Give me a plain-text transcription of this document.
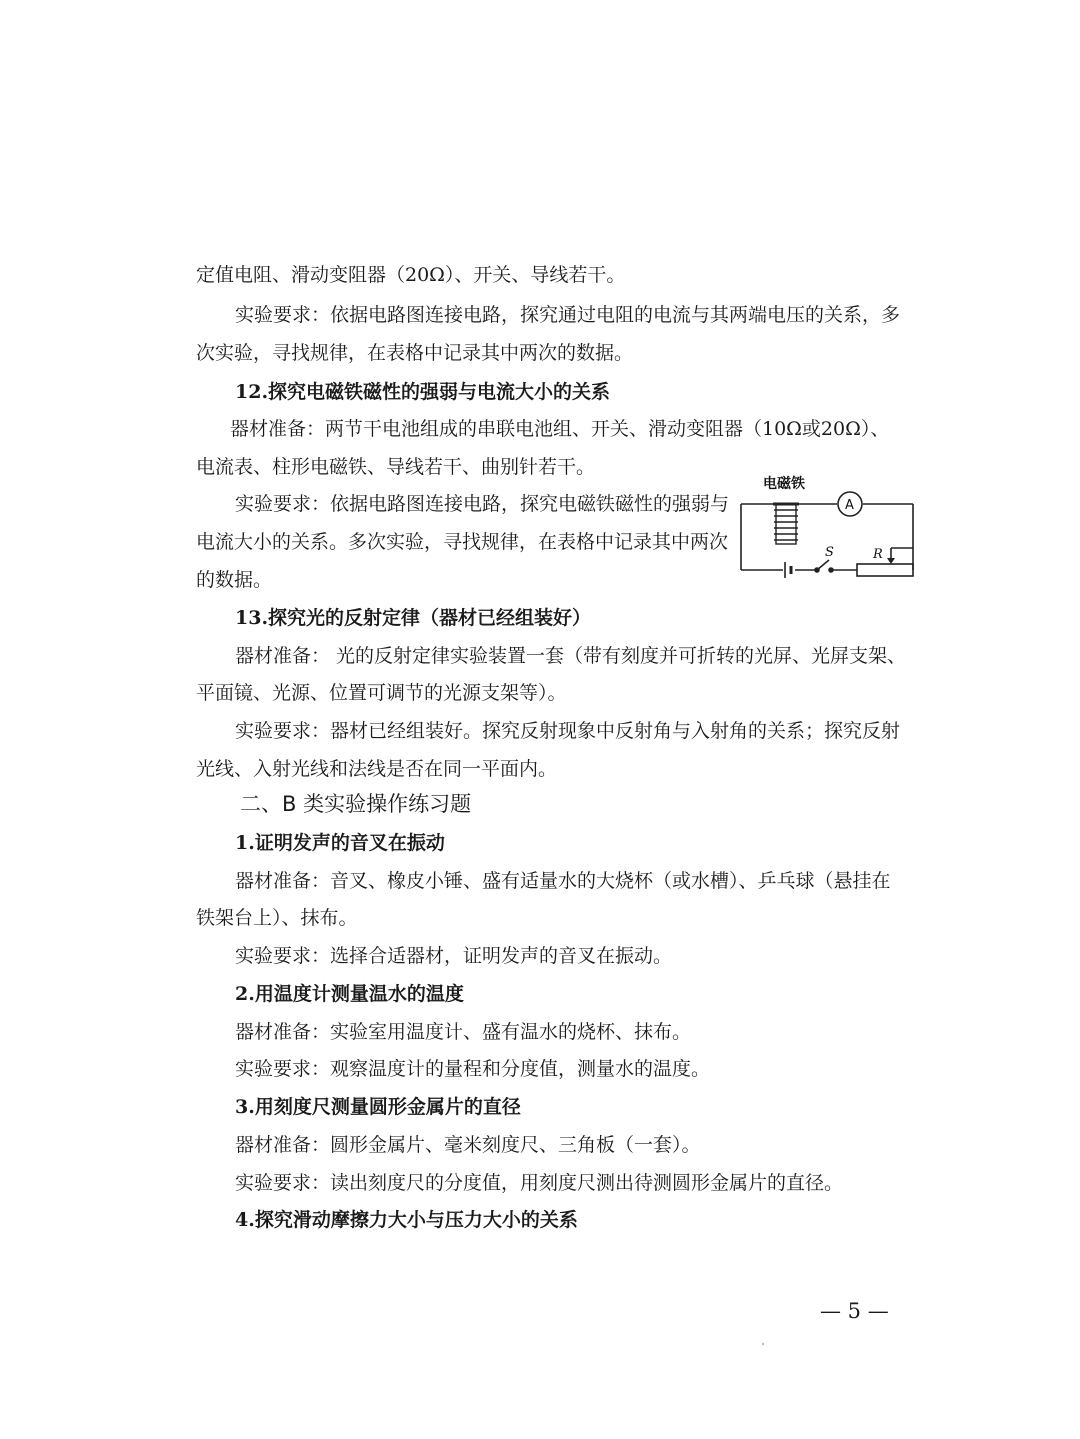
定值电阻、滑动变阻器（20Ω）、开关、导线若干。
实验要求：依据电路图连接电路，探究通过电阻的电流与其两端电压的关系，多
次实验，寻找规律，在表格中记录其中两次的数据。
12.探究电磁铁磁性的强弱与电流大小的关系
器材准备：两节干电池组成的串联电池组、开关、滑动变阻器（10Ω或20Ω）、
电流表、柱形电磁铁、导线若干、曲别针若干。
实验要求：依据电路图连接电路，探究电磁铁磁性的强弱与
电流大小的关系。多次实验，寻找规律，在表格中记录其中两次
的数据。
13.探究光的反射定律（器材已经组装好）
器材准备： 光的反射定律实验装置一套（带有刻度并可折转的光屏、光屏支架、
平面镜、光源、位置可调节的光源支架等）。
实验要求：器材已经组装好。探究反射现象中反射角与入射角的关系；探究反射
光线、入射光线和法线是否在同一平面内。
二、B 类实验操作练习题
1.证明发声的音叉在振动
器材准备：音叉、橡皮小锤、盛有适量水的大烧杯（或水槽）、乒乓球（悬挂在
铁架台上）、抹布。
实验要求：选择合适器材，证明发声的音叉在振动。
2.用温度计测量温水的温度
器材准备：实验室用温度计、盛有温水的烧杯、抹布。
实验要求：观察温度计的量程和分度值，测量水的温度。
3.用刻度尺测量圆形金属片的直径
器材准备：圆形金属片、毫米刻度尺、三角板（一套）。
实验要求：读出刻度尺的分度值，用刻度尺测出待测圆形金属片的直径。
4.探究滑动摩擦力大小与压力大小的关系
电磁铁
A
S	R
— 5 —
